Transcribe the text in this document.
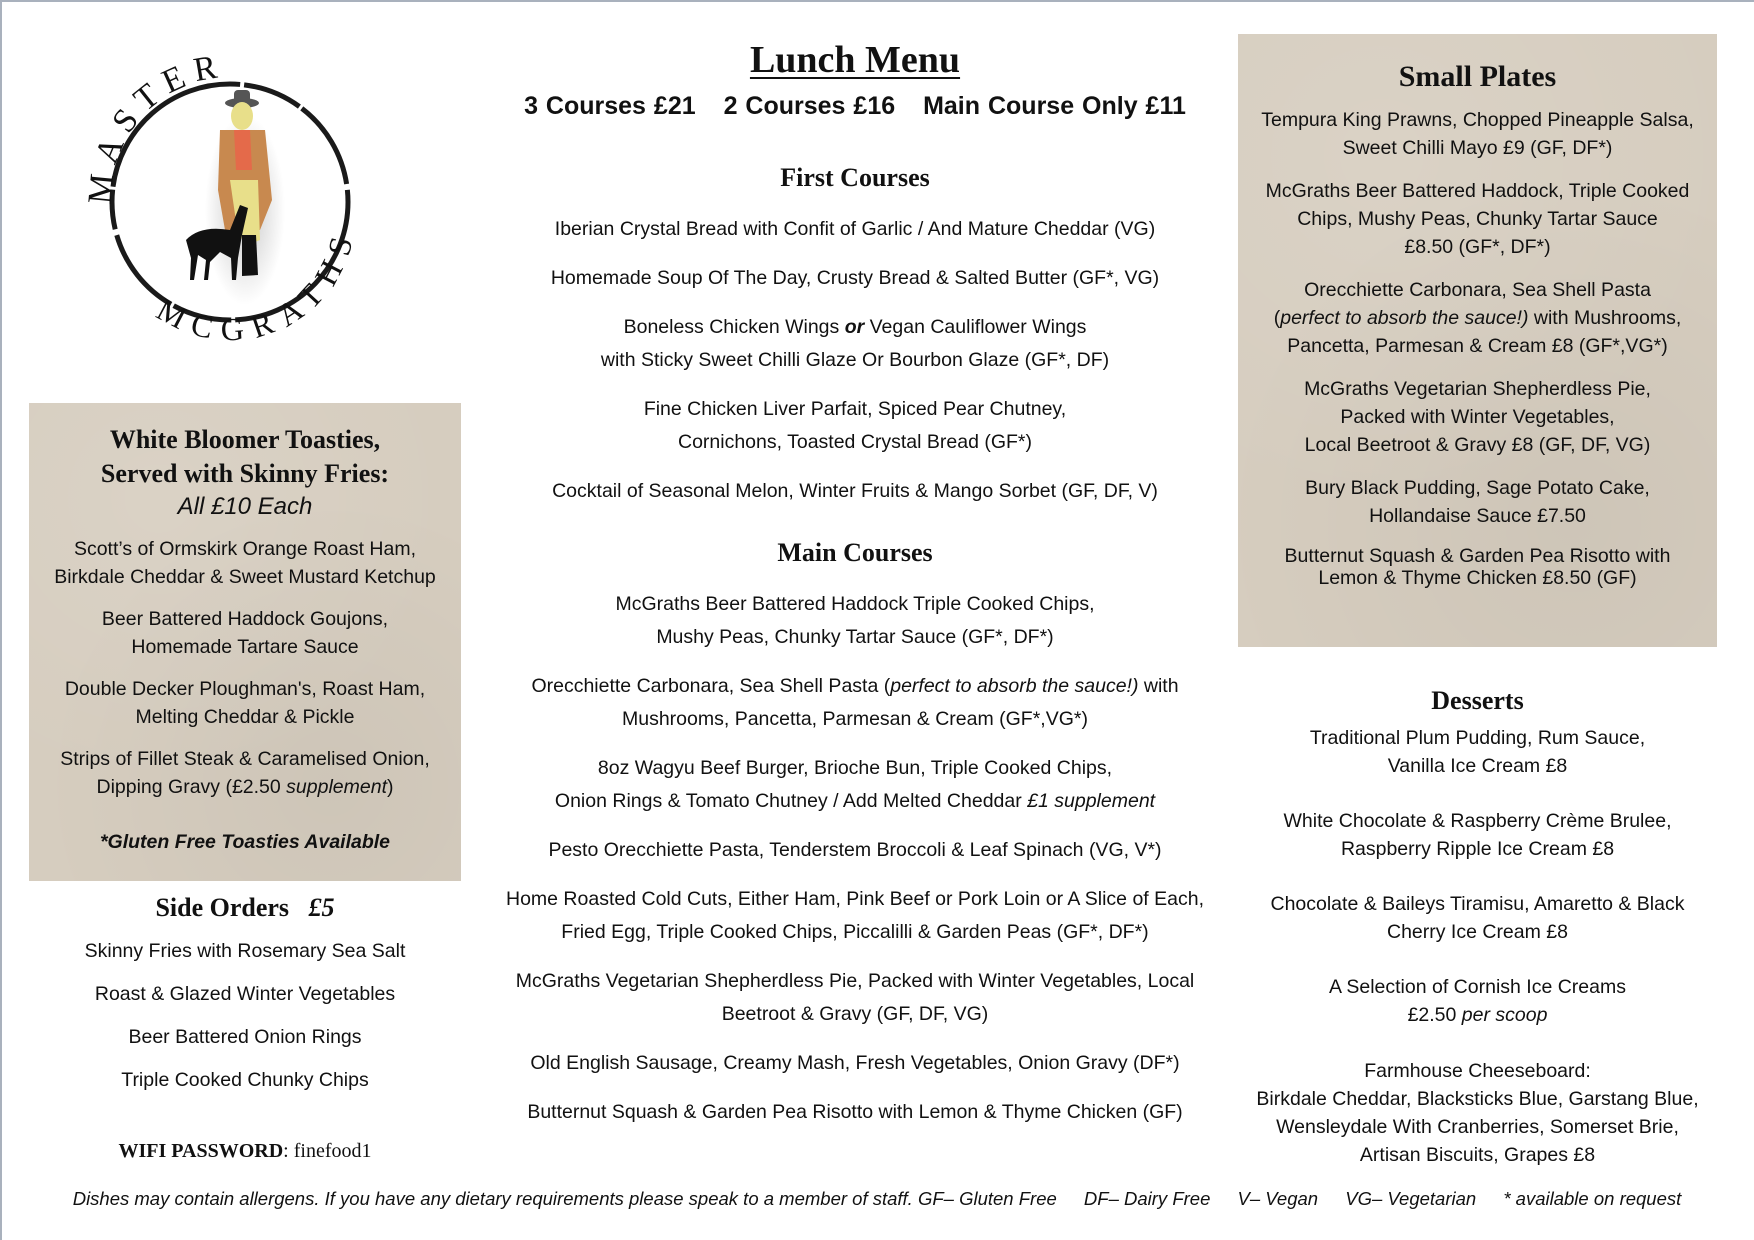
MASTER
MCGRATHS
Lunch Menu
3 Courses £21 2 Courses £16 Main Course Only £11
First Courses
Iberian Crystal Bread with Confit of Garlic / And Mature Cheddar (VG)
Homemade Soup Of The Day, Crusty Bread & Salted Butter (GF*, VG)
Boneless Chicken Wings or Vegan Cauliflower Wings
with Sticky Sweet Chilli Glaze Or Bourbon Glaze (GF*, DF)
Fine Chicken Liver Parfait, Spiced Pear Chutney,
Cornichons, Toasted Crystal Bread (GF*)
Cocktail of Seasonal Melon, Winter Fruits & Mango Sorbet (GF, DF, V)
Main Courses
McGraths Beer Battered Haddock Triple Cooked Chips,
Mushy Peas, Chunky Tartar Sauce (GF*, DF*)
Orecchiette Carbonara, Sea Shell Pasta (perfect to absorb the sauce!) with
Mushrooms, Pancetta, Parmesan & Cream (GF*,VG*)
8oz Wagyu Beef Burger, Brioche Bun, Triple Cooked Chips,
Onion Rings & Tomato Chutney / Add Melted Cheddar £1 supplement
Pesto Orecchiette Pasta, Tenderstem Broccoli & Leaf Spinach (VG, V*)
Home Roasted Cold Cuts, Either Ham, Pink Beef or Pork Loin or A Slice of Each,
Fried Egg, Triple Cooked Chips, Piccalilli & Garden Peas (GF*, DF*)
McGraths Vegetarian Shepherdless Pie, Packed with Winter Vegetables, Local
Beetroot & Gravy (GF, DF, VG)
Old English Sausage, Creamy Mash, Fresh Vegetables, Onion Gravy (DF*)
Butternut Squash & Garden Pea Risotto with Lemon & Thyme Chicken (GF)
White Bloomer Toasties,
Served with Skinny Fries:
All £10 Each
Scott’s of Ormskirk Orange Roast Ham,
Birkdale Cheddar & Sweet Mustard Ketchup
Beer Battered Haddock Goujons,
Homemade Tartare Sauce
Double Decker Ploughman's, Roast Ham,
Melting Cheddar & Pickle
Strips of Fillet Steak & Caramelised Onion,
Dipping Gravy (£2.50 supplement)
*Gluten Free Toasties Available
Side Orders £5
Skinny Fries with Rosemary Sea Salt
Roast & Glazed Winter Vegetables
Beer Battered Onion Rings
Triple Cooked Chunky Chips
WIFI PASSWORD: finefood1
Small Plates
Tempura King Prawns, Chopped Pineapple Salsa,
Sweet Chilli Mayo £9 (GF, DF*)
McGraths Beer Battered Haddock, Triple Cooked
Chips, Mushy Peas, Chunky Tartar Sauce
£8.50 (GF*, DF*)
Orecchiette Carbonara, Sea Shell Pasta
(perfect to absorb the sauce!) with Mushrooms,
Pancetta, Parmesan & Cream £8 (GF*,VG*)
McGraths Vegetarian Shepherdless Pie,
Packed with Winter Vegetables,
Local Beetroot & Gravy £8 (GF, DF, VG)
Bury Black Pudding, Sage Potato Cake,
Hollandaise Sauce £7.50
Butternut Squash & Garden Pea Risotto with
Lemon & Thyme Chicken £8.50 (GF)
Desserts
Traditional Plum Pudding, Rum Sauce,
Vanilla Ice Cream £8
White Chocolate & Raspberry Crème Brulee,
Raspberry Ripple Ice Cream £8
Chocolate & Baileys Tiramisu, Amaretto & Black
Cherry Ice Cream £8
A Selection of Cornish Ice Creams
£2.50 per scoop
Farmhouse Cheeseboard:
Birkdale Cheddar, Blacksticks Blue, Garstang Blue,
Wensleydale With Cranberries, Somerset Brie,
Artisan Biscuits, Grapes £8
Dishes may contain allergens. If you have any dietary requirements please speak to a member of staff. GF– Gluten Free DF– Dairy Free V– Vegan VG– Vegetarian * available on request
